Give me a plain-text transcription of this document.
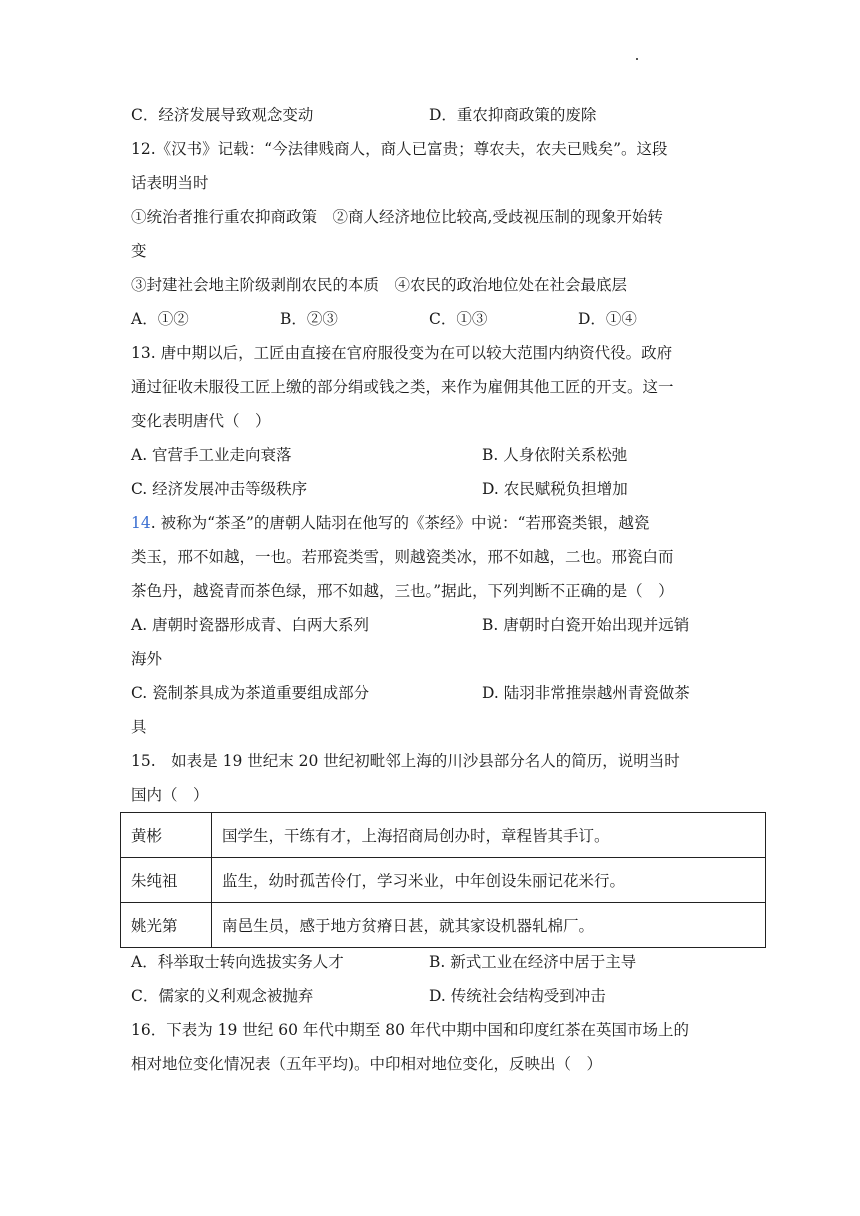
C．经济发展导致观念变动	D．重农抑商政策的废除
12.《汉书》记载：“今法律贱商人，商人已富贵；尊农夫，农夫已贱矣”。这段
话表明当时
①统治者推行重农抑商政策　②商人经济地位比较高,受歧视压制的现象开始转
变
③封建社会地主阶级剥削农民的本质　④农民的政治地位处在社会最底层
A．①②	B．②③	C．①③	D．①④
13. 唐中期以后，工匠由直接在官府服役变为在可以较大范围内纳资代役。政府
通过征收未服役工匠上缴的部分绢或钱之类，来作为雇佣其他工匠的开支。这一
变化表明唐代（　）
A. 官营手工业走向衰落	B. 人身依附关系松弛
C. 经济发展冲击等级秩序	D. 农民赋税负担增加
14. 被称为“茶圣”的唐朝人陆羽在他写的《茶经》中说：“若邢瓷类银，越瓷
类玉，邢不如越，一也。若邢瓷类雪，则越瓷类冰，邢不如越，二也。邢瓷白而
茶色丹，越瓷青而茶色绿，邢不如越，三也。”据此，下列判断不正确的是（　）
A. 唐朝时瓷器形成青、白两大系列	B. 唐朝时白瓷开始出现并远销
海外
C. 瓷制茶具成为茶道重要组成部分	D. 陆羽非常推崇越州青瓷做茶
具
15.　如表是 19 世纪末 20 世纪初毗邻上海的川沙县部分名人的简历，说明当时
国内（　）
黄彬	国学生，干练有才，上海招商局创办时，章程皆其手订。
朱纯祖	监生，幼时孤苦伶仃，学习米业，中年创设朱丽记花米行。
姚光第	南邑生员，感于地方贫瘠日甚，就其家设机器轧棉厂。
A．科举取士转向选拔实务人才	B. 新式工业在经济中居于主导
C．儒家的义利观念被抛弃	D. 传统社会结构受到冲击
16．下表为 19 世纪 60 年代中期至 80 年代中期中国和印度红茶在英国市场上的
相对地位变化情况表（五年平均)。中印相对地位变化，反映出（　）
